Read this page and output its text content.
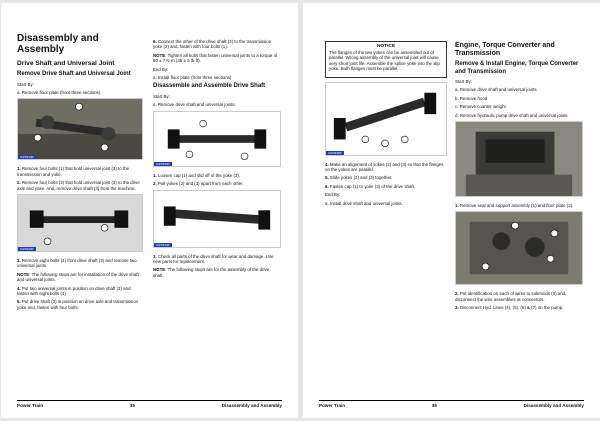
Disassembly and Assembly
Drive Shaft and Universal Joint
Remove Drive Shaft and Universal Joint
Start By:
a. Remove floor plate (front three sections)
ICP0319P
1. Remove four bolts (1) that hold universal joint (3) to the transmission and yoke.
2. Remove four bolts (2) that hold universal joint (3) to the drive axle and yoke. And, remove drive shaft (3) from the machine.
ICP0320P
3. Remove eight bolts (4) from drive shaft (3) and remove two universal joints.
NOTE: The following steps are for installation of the drive shaft and universal joints.
4. Put two universal joints in position on drive shaft (3) and fasten with eight bolts (4).
5. Put drive shaft (3) in position on drive axle and transmission yoke and, fasten with four bolts.
6. Connect the other of the drive shaft (3) to the transmission yoke (2) and, fasten with four bolts (1).
NOTE: Tighten all bolts that fasten universal joints to a torque of 60 ± 7 N·m (45 ± 5 lb·ft).
End By:
a. Install floor plate (from three sections)
Disassemble and Assemble Drive Shaft
Start By:
a. Remove drive shaft and universal joints.
ICP0330P
1. Loosen cap (1) and slid off of the yoke (3).
2. Pull yokes (2) and (3) apart from each other.
ICP0334P
3. Check all parts of the drive shaft for wear and damage. Use new parts for replacement.
NOTE: The following steps are for the assembly of the drive shaft.
Power Train	35	Disassembly and Assembly
NOTICE
The flanges of the two yokes can be assembled out of parallel. Wrong assembly of the universal joint will cause very short joint life. Assemble the spline yoke into the slip yoke. Both flanges must be parallel.
ICP0335P
4. Make an alignment of yokes (2) and (3) so that the flanges on the yokes are parallel.
5. Slide yokes (2) and (3) together.
6. Fasten cap (1) to yoke (3) of the drive shaft.
End By:
a. Install drive shaft and universal joints.
Engine, Torque Converter and Transmission
Remove & Install Engine, Torque Converter and Transmission
Start By:
a. Remove drive shaft and universal joints
b. Remove hood
c. Remove counter weight
d. Remove hydraulic pump drive shaft and universal joints
1. Remove seat and support assembly (1) and floor plate (2).
2. Put identification on each of wires to solenoids (3) and, disconnect the wire assemblies at connectors.
3. Disconnect Hyd. Lines (4), (5), (6) & (7) on the pump.
Power Train	36	Disassembly and Assembly
